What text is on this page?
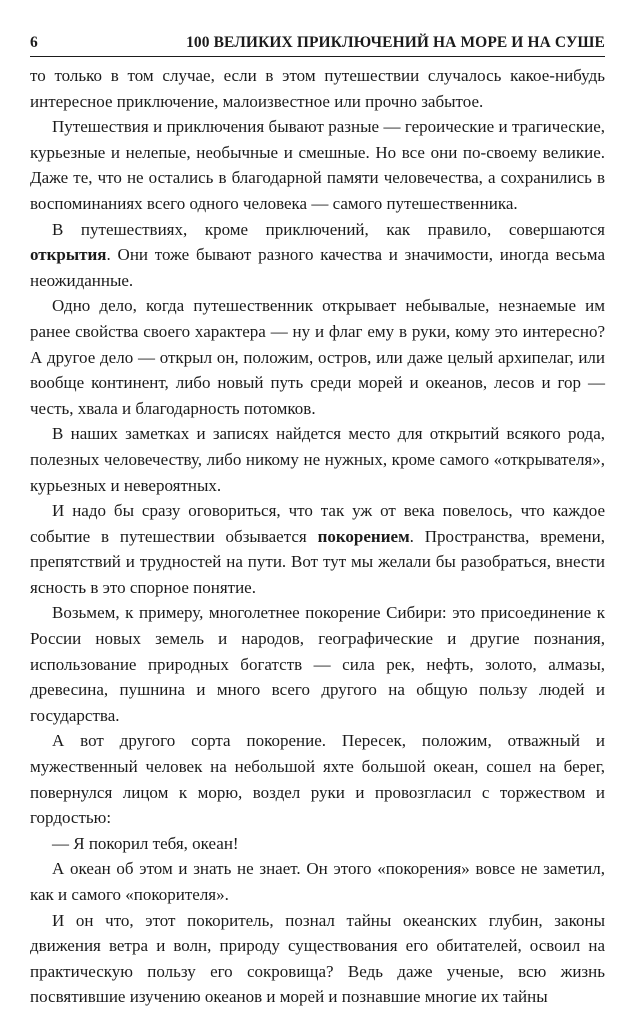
6	100 ВЕЛИКИХ ПРИКЛЮЧЕНИЙ НА МОРЕ И НА СУШЕ

то только в том случае, если в этом путешествии случалось какое-нибудь интересное приключение, малоизвестное или прочно забытое.

Путешествия и приключения бывают разные — героические и трагические, курьезные и нелепые, необычные и смешные. Но все они по-своему великие. Даже те, что не остались в благодарной памяти человечества, а сохранились в воспоминаниях всего одного человека — самого путешественника.

В путешествиях, кроме приключений, как правило, совершаются открытия. Они тоже бывают разного качества и значимости, иногда весьма неожиданные.

Одно дело, когда путешественник открывает небывалые, незнаемые им ранее свойства своего характера — ну и флаг ему в руки, кому это интересно? А другое дело — открыл он, положим, остров, или даже целый архипелаг, или вообще континент, либо новый путь среди морей и океанов, лесов и гор — честь, хвала и благодарность потомков.

В наших заметках и записях найдется место для открытий всякого рода, полезных человечеству, либо никому не нужных, кроме самого «открывателя», курьезных и невероятных.

И надо бы сразу оговориться, что так уж от века повелось, что каждое событие в путешествии обзывается покорением. Пространства, времени, препятствий и трудностей на пути. Вот тут мы желали бы разобраться, внести ясность в это спорное понятие.

Возьмем, к примеру, многолетнее покорение Сибири: это присоединение к России новых земель и народов, географические и другие познания, использование природных богатств — сила рек, нефть, золото, алмазы, древесина, пушнина и много всего другого на общую пользу людей и государства.

А вот другого сорта покорение. Пересек, положим, отважный и мужественный человек на небольшой яхте большой океан, сошел на берег, повернулся лицом к морю, воздел руки и провозгласил с торжеством и гордостью:

— Я покорил тебя, океан!

А океан об этом и знать не знает. Он этого «покорения» вовсе не заметил, как и самого «покорителя».

И он что, этот покоритель, познал тайны океанских глубин, законы движения ветра и волн, природу существования его обитателей, освоил на практическую пользу его сокровища? Ведь даже ученые, всю жизнь посвятившие изучению океанов и морей и познавшие многие их тайны
